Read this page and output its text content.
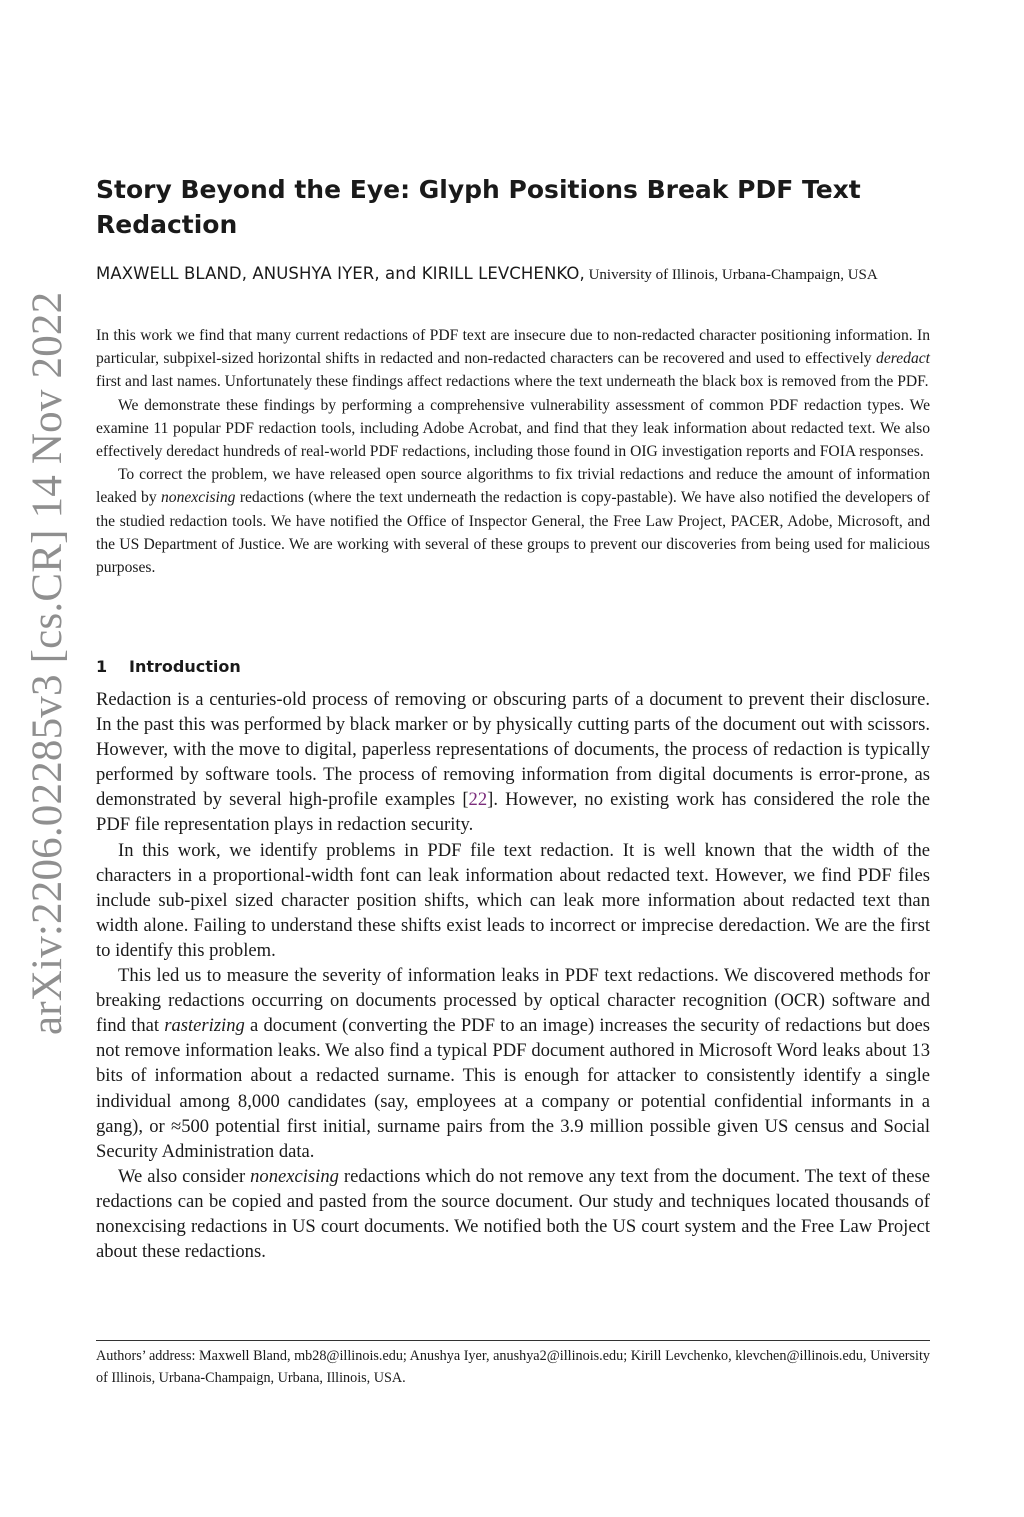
arXiv:2206.02285v3 [cs.CR] 14 Nov 2022
Story Beyond the Eye: Glyph Positions Break PDF Text Redaction

MAXWELL BLAND, ANUSHYA IYER, and KIRILL LEVCHENKO, University of Illinois, Urbana-Champaign, USA

In this work we find that many current redactions of PDF text are insecure due to non-redacted character positioning information. In particular, subpixel-sized horizontal shifts in redacted and non-redacted characters can be recovered and used to effectively deredact first and last names. Unfortunately these findings affect redactions where the text underneath the black box is removed from the PDF.

We demonstrate these findings by performing a comprehensive vulnerability assessment of common PDF redaction types. We examine 11 popular PDF redaction tools, including Adobe Acrobat, and find that they leak information about redacted text. We also effectively deredact hundreds of real-world PDF redactions, including those found in OIG investigation reports and FOIA responses.

To correct the problem, we have released open source algorithms to fix trivial redactions and reduce the amount of information leaked by nonexcising redactions (where the text underneath the redaction is copy-pastable). We have also notified the developers of the studied redaction tools. We have notified the Office of Inspector General, the Free Law Project, PACER, Adobe, Microsoft, and the US Department of Justice. We are working with several of these groups to prevent our discoveries from being used for malicious purposes.

1 Introduction

Redaction is a centuries-old process of removing or obscuring parts of a document to prevent their disclosure. In the past this was performed by black marker or by physically cutting parts of the document out with scissors. However, with the move to digital, paperless representations of documents, the process of redaction is typically performed by software tools. The process of removing information from digital documents is error-prone, as demonstrated by several high-profile examples [22]. However, no existing work has considered the role the PDF file representation plays in redaction security.

In this work, we identify problems in PDF file text redaction. It is well known that the width of the characters in a proportional-width font can leak information about redacted text. However, we find PDF files include sub-pixel sized character position shifts, which can leak more information about redacted text than width alone. Failing to understand these shifts exist leads to incorrect or imprecise deredaction. We are the first to identify this problem.

This led us to measure the severity of information leaks in PDF text redactions. We discovered methods for breaking redactions occurring on documents processed by optical character recognition (OCR) software and find that rasterizing a document (converting the PDF to an image) increases the security of redactions but does not remove information leaks. We also find a typical PDF document authored in Microsoft Word leaks about 13 bits of information about a redacted surname. This is enough for attacker to consistently identify a single individual among 8,000 candidates (say, employees at a company or potential confidential informants in a gang), or ≈500 potential first initial, surname pairs from the 3.9 million possible given US census and Social Security Administration data.

We also consider nonexcising redactions which do not remove any text from the document. The text of these redactions can be copied and pasted from the source document. Our study and techniques located thousands of nonexcising redactions in US court documents. We notified both the US court system and the Free Law Project about these redactions.

Authors’ address: Maxwell Bland, mb28@illinois.edu; Anushya Iyer, anushya2@illinois.edu; Kirill Levchenko, klevchen@illinois.edu, University of Illinois, Urbana-Champaign, Urbana, Illinois, USA.
